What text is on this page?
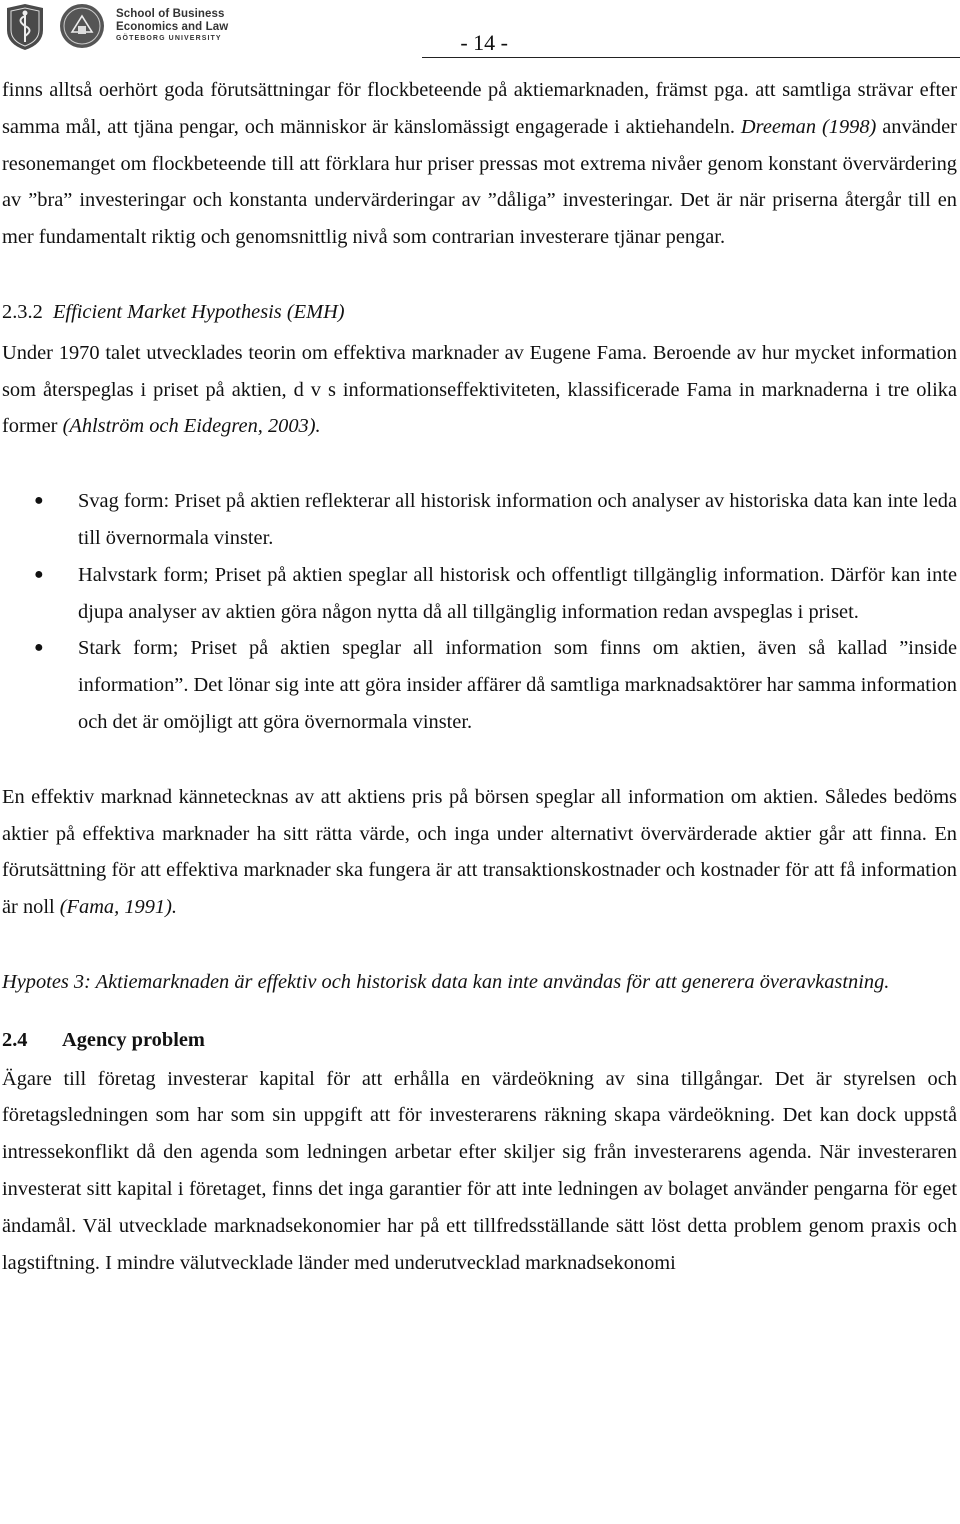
School of Business
Economics and Law
GÖTEBORG UNIVERSITY	- 14 -

finns alltså oerhört goda förutsättningar för flockbeteende på aktiemarknaden, främst pga. att samtliga strävar efter samma mål, att tjäna pengar, och människor är känslomässigt engagerade i aktiehandeln. Dreeman (1998) använder resonemanget om flockbeteende till att förklara hur priser pressas mot extrema nivåer genom konstant övervärdering av ”bra” investeringar och konstanta undervärderingar av ”dåliga” investeringar. Det är när priserna återgår till en mer fundamentalt riktig och genomsnittlig nivå som contrarian investerare tjänar pengar.

2.3.2  Efficient Market Hypothesis (EMH)

Under 1970 talet utvecklades teorin om effektiva marknader av Eugene Fama. Beroende av hur mycket information som återspeglas i priset på aktien, d v s informationseffektiviteten, klassificerade Fama in marknaderna i tre olika former (Ahlström och Eidegren, 2003).

● Svag form: Priset på aktien reflekterar all historisk information och analyser av historiska data kan inte leda till övernormala vinster.
● Halvstark form; Priset på aktien speglar all historisk och offentligt tillgänglig information. Därför kan inte djupa analyser av aktien göra någon nytta då all tillgänglig information redan avspeglas i priset.
● Stark form; Priset på aktien speglar all information som finns om aktien, även så kallad ”inside information”. Det lönar sig inte att göra insider affärer då samtliga marknadsaktörer har samma information och det är omöjligt att göra övernormala vinster.

En effektiv marknad kännetecknas av att aktiens pris på börsen speglar all information om aktien. Således bedöms aktier på effektiva marknader ha sitt rätta värde, och inga under alternativt övervärderade aktier går att finna. En förutsättning för att effektiva marknader ska fungera är att transaktionskostnader och kostnader för att få information är noll (Fama, 1991).

Hypotes 3: Aktiemarknaden är effektiv och historisk data kan inte användas för att generera överavkastning.

2.4 Agency problem

Ägare till företag investerar kapital för att erhålla en värdeökning av sina tillgångar. Det är styrelsen och företagsledningen som har som sin uppgift att för investerarens räkning skapa värdeökning. Det kan dock uppstå intressekonflikt då den agenda som ledningen arbetar efter skiljer sig från investerarens agenda. När investeraren investerat sitt kapital i företaget, finns det inga garantier för att inte ledningen av bolaget använder pengarna för eget ändamål. Väl utvecklade marknadsekonomier har på ett tillfredsställande sätt löst detta problem genom praxis och lagstiftning. I mindre välutvecklade länder med underutvecklad marknadsekonomi
